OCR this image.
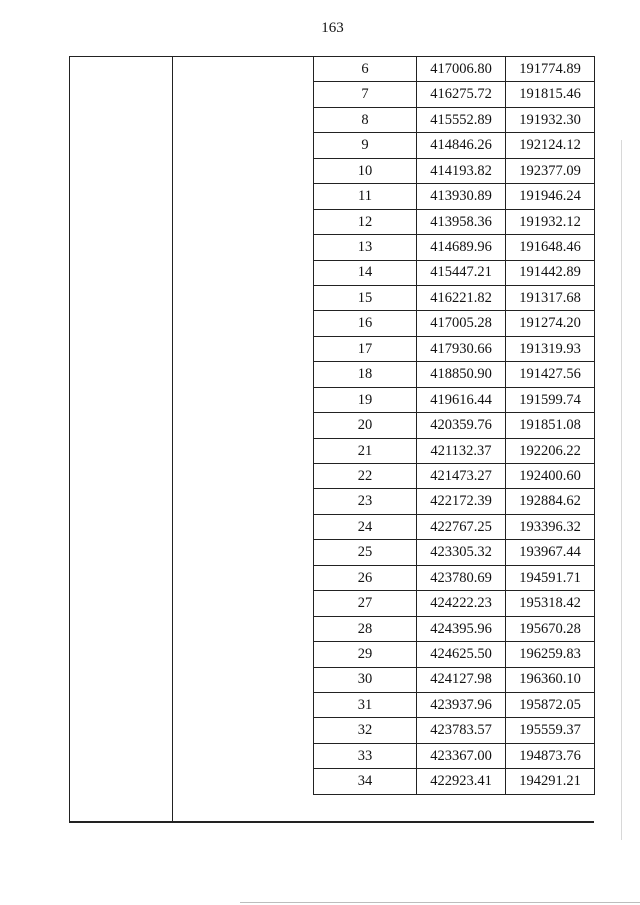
163
6	417006.80	191774.89
7	416275.72	191815.46
8	415552.89	191932.30
9	414846.26	192124.12
10	414193.82	192377.09
11	413930.89	191946.24
12	413958.36	191932.12
13	414689.96	191648.46
14	415447.21	191442.89
15	416221.82	191317.68
16	417005.28	191274.20
17	417930.66	191319.93
18	418850.90	191427.56
19	419616.44	191599.74
20	420359.76	191851.08
21	421132.37	192206.22
22	421473.27	192400.60
23	422172.39	192884.62
24	422767.25	193396.32
25	423305.32	193967.44
26	423780.69	194591.71
27	424222.23	195318.42
28	424395.96	195670.28
29	424625.50	196259.83
30	424127.98	196360.10
31	423937.96	195872.05
32	423783.57	195559.37
33	423367.00	194873.76
34	422923.41	194291.21
